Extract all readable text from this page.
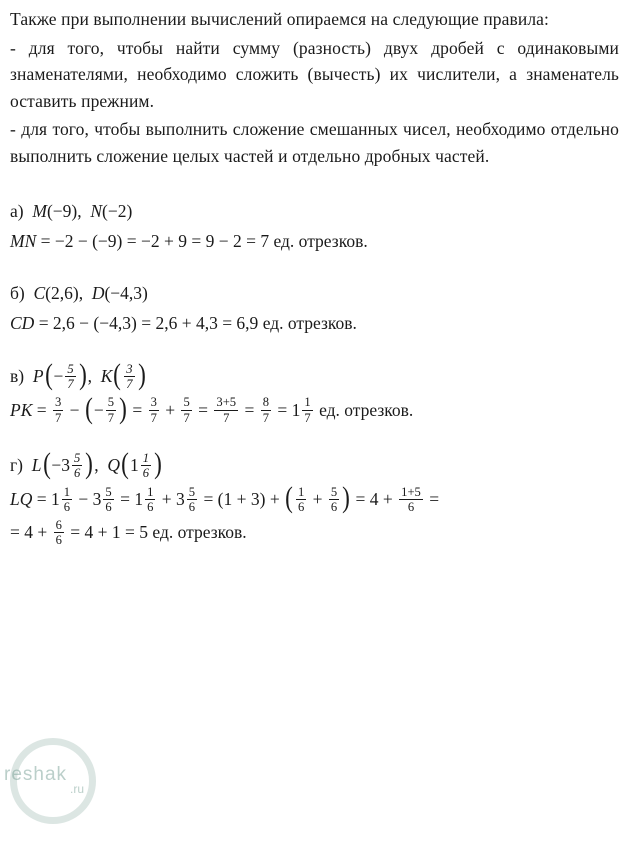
Также при выполнении вычислений опираемся на следующие правила:

- для того, чтобы найти сумму (разность) двух дробей с одинаковыми знаменателями, необходимо сложить (вычесть) их числители, а знаменатель оставить прежним.

- для того, чтобы выполнить сложение смешанных чисел, необходимо отдельно выполнить сложение целых частей и отдельно дробных частей.

а) M(−9), N(−2)
MN = −2 − (−9) = −2 + 9 = 9 − 2 = 7 ед. отрезков.
б) C(2,6), D(−4,3)
CD = 2,6 − (−4,3) = 2,6 + 4,3 = 6,9 ед. отрезков.
в) $P(- \frac{5}{7}$ ), $K( \frac{3}{7}$ )
PK = $\frac{3}{7}$ − (− $\frac{5}{7}$ ) = $\frac{3}{7} + \frac{5}{7} = \frac{3+5}{7} = \frac{8}{7} = 1 \frac{1}{7}$ ед. отрезков.
г) $L(-3 \frac{5}{6}$ ), $Q(1 \frac{1}{6}$ )
LQ = $1 \frac{1}{6} - 3 \frac{5}{6} = 1 \frac{1}{6} + 3 \frac{5}{6} = (1 + 3)$ + ( $\frac{1}{6} + \frac{5}{6}$ ) = $4 + \frac{1+5}{6}$ =
= $4 + \frac{6}{6} = 4 + 1 = 5$ ед. отрезков.
reshak
.ru
